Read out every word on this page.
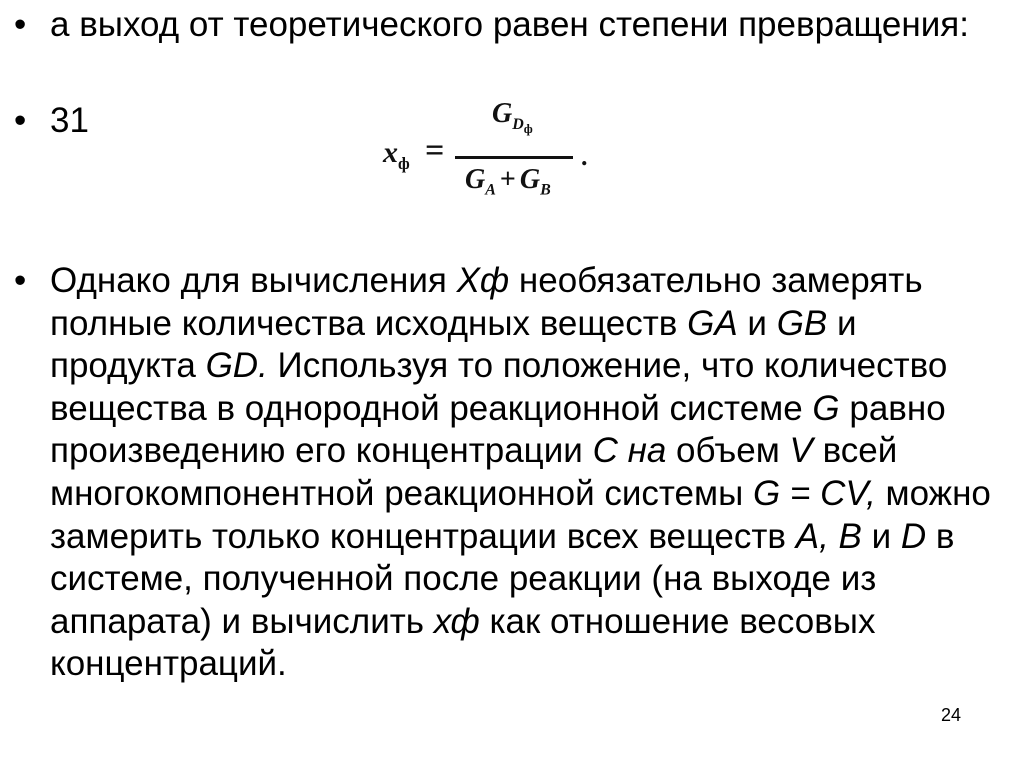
• а выход от теоретического равен степени превращения:
• 31
$x_ф$ =
$G_{D_ф}$
$G_A + G_B$
.
• Однако для вычисления Xф необязательно замерять полные количества исходных веществ GA и GB и продукта GD. Используя то положение, что количество вещества в однородной реакционной системе G равно произведению его концентрации С на объем V всей многокомпонентной реакционной системы G = CV, можно замерить только концентрации всех веществ А, В и D в системе, полученной после реакции (на выходе из аппарата) и вычислить хф как отношение весовых концентраций.
24
